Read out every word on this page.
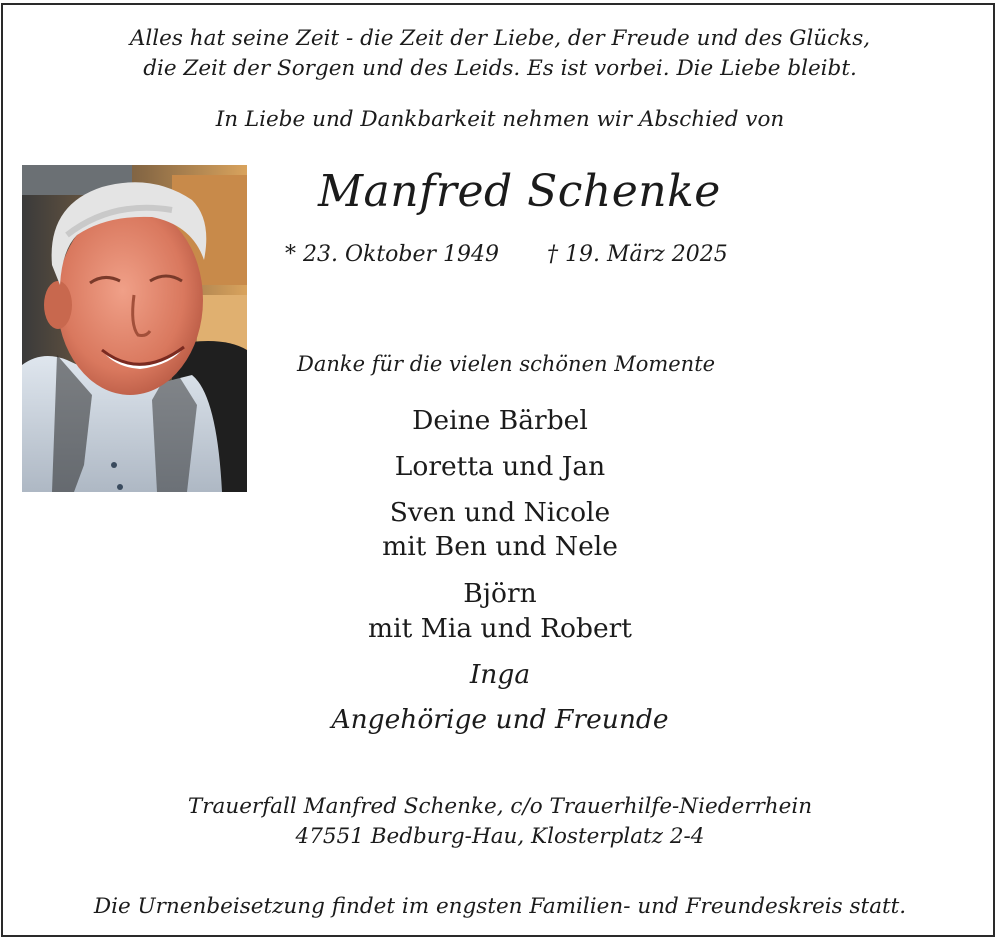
Alles hat seine Zeit - die Zeit der Liebe, der Freude und des Glücks,
die Zeit der Sorgen und des Leids. Es ist vorbei. Die Liebe bleibt.
In Liebe und Dankbarkeit nehmen wir Abschied von
Manfred Schenke
* 23. Oktober 1949 † 19. März 2025
Danke für die vielen schönen Momente
Deine Bärbel
Loretta und Jan
Sven und Nicole
mit Ben und Nele
Björn
mit Mia und Robert
Inga
Angehörige und Freunde
Trauerfall Manfred Schenke, c/o Trauerhilfe-Niederrhein
47551 Bedburg-Hau, Klosterplatz 2-4
Die Urnenbeisetzung findet im engsten Familien- und Freundeskreis statt.
